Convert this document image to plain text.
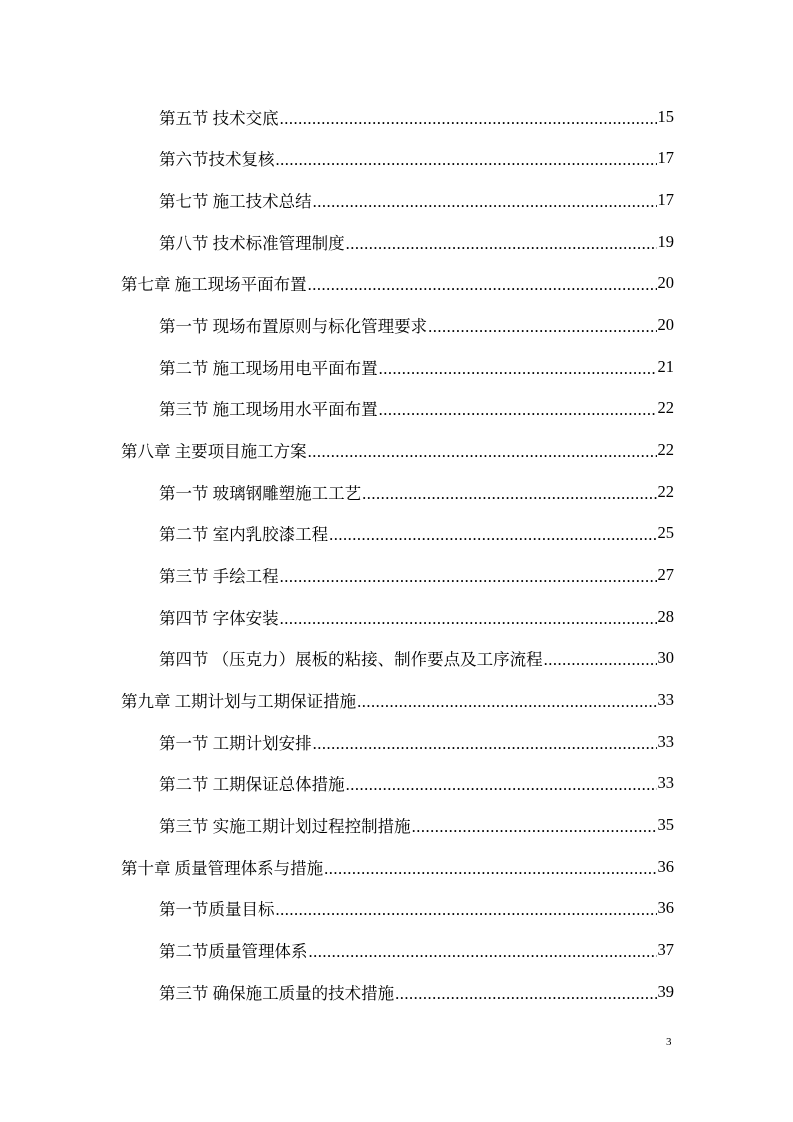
第五节 技术交底 .....	15
第六节技术复核 .....	17
第七节 施工技术总结 .....	17
第八节 技术标准管理制度 .....	19
第七章 施工现场平面布置 .....	20
第一节 现场布置原则与标化管理要求 .....	20
第二节 施工现场用电平面布置 .....	21
第三节 施工现场用水平面布置 .....	22
第八章 主要项目施工方案 .....	22
第一节 玻璃钢雕塑施工工艺 .....	22
第二节 室内乳胶漆工程 .....	25
第三节 手绘工程 .....	27
第四节 字体安装 .....	28
第四节 （压克力）展板的粘接、制作要点及工序流程 .....	30
第九章 工期计划与工期保证措施 .....	33
第一节 工期计划安排 .....	33
第二节 工期保证总体措施 .....	33
第三节 实施工期计划过程控制措施 .....	35
第十章 质量管理体系与措施 .....	36
第一节质量目标 .....	36
第二节质量管理体系 .....	37
第三节 确保施工质量的技术措施 .....	39
3
